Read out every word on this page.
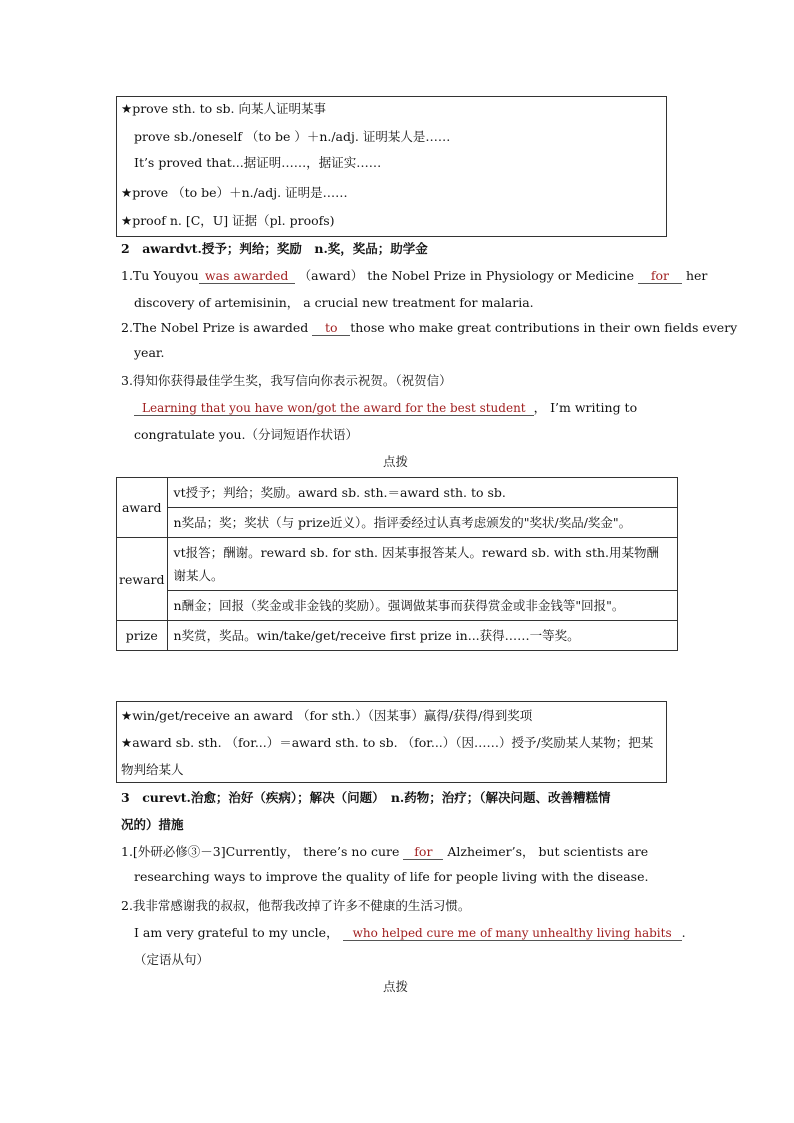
★prove sth. to sb. 向某人证明某事
prove sb./oneself （to be ）＋n./adj. 证明某人是……
It’s proved that...据证明……，据证实……
★prove （to be）＋n./adj. 证明是……
★proof n. [C，U] 证据（pl. proofs)
2　awardvt.授予；判给；奖励　n.奖，奖品；助学金
1.Tu Youyou was awarded （award） the Nobel Prize in Physiology or Medicine for her
discovery of artemisinin， a crucial new treatment for malaria.
2.The Nobel Prize is awarded to those who make great contributions in their own fields every
year.
3.得知你获得最佳学生奖，我写信向你表示祝贺。（祝贺信）
Learning that you have won/got the award for the best student ， I’m writing to
congratulate you.（分词短语作状语）
点拨
award	vt授予；判给；奖励。award sb. sth.＝award sth. to sb.
	n奖品；奖；奖状（与 prize近义）。指评委经过认真考虑颁发的"奖状/奖品/奖金"。
reward	vt报答；酬谢。reward sb. for sth. 因某事报答某人。reward sb. with sth.用某物酬谢某人。
	n酬金；回报（奖金或非金钱的奖励）。强调做某事而获得赏金或非金钱等"回报"。
prize	n奖赏，奖品。win/take/get/receive first prize in...获得……一等奖。
★win/get/receive an award （for sth.）（因某事）赢得/获得/得到奖项
★award sb. sth. （for...）＝award sth. to sb. （for...）（因……）授予/奖励某人某物；把某
物判给某人
3　curevt.治愈；治好（疾病）；解决（问题）　n.药物；治疗；（解决问题、改善糟糕情
况的）措施
1.[外研必修③－3]Currently， there’s no cure for Alzheimer’s， but scientists are
researching ways to improve the quality of life for people living with the disease.
2.我非常感谢我的叔叔，他帮我改掉了许多不健康的生活习惯。
I am very grateful to my uncle， who helped cure me of many unhealthy living habits .
（定语从句）
点拨
